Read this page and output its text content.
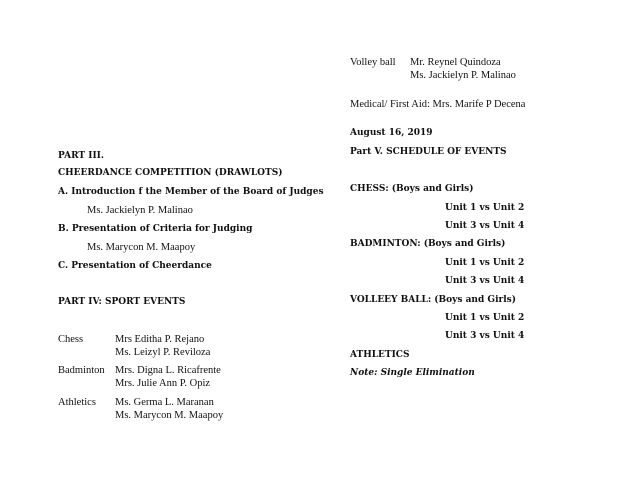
PART III.
CHEERDANCE COMPETITION (DRAWLOTS)
A. Introduction f the Member of the Board of Judges
Ms. Jackielyn P. Malinao
B. Presentation of Criteria for Judging
Ms. Marycon M. Maapoy
C. Presentation of Cheerdance
PART IV: SPORT EVENTS
Chess	Mrs Editha P. Rejano
Ms. Leizyl P. Reviloza
Badminton Mrs. Digna L. Ricafrente
Mrs. Julie Ann P. Opiz
Athletics Ms. Germa L. Maranan
Ms. Marycon M. Maapoy
Volley ball Mr. Reynel Quindoza
Ms. Jackielyn P. Malinao
Medical/ First Aid: Mrs. Marife P Decena
August 16, 2019
Part V. SCHEDULE OF EVENTS
CHESS: (Boys and Girls)
Unit 1 vs Unit 2
Unit 3 vs Unit 4
BADMINTON: (Boys and Girls)
Unit 1 vs Unit 2
Unit 3 vs Unit 4
VOLLEEY BALL: (Boys and Girls)
Unit 1 vs Unit 2
Unit 3 vs Unit 4
ATHLETICS
Note: Single Elimination
